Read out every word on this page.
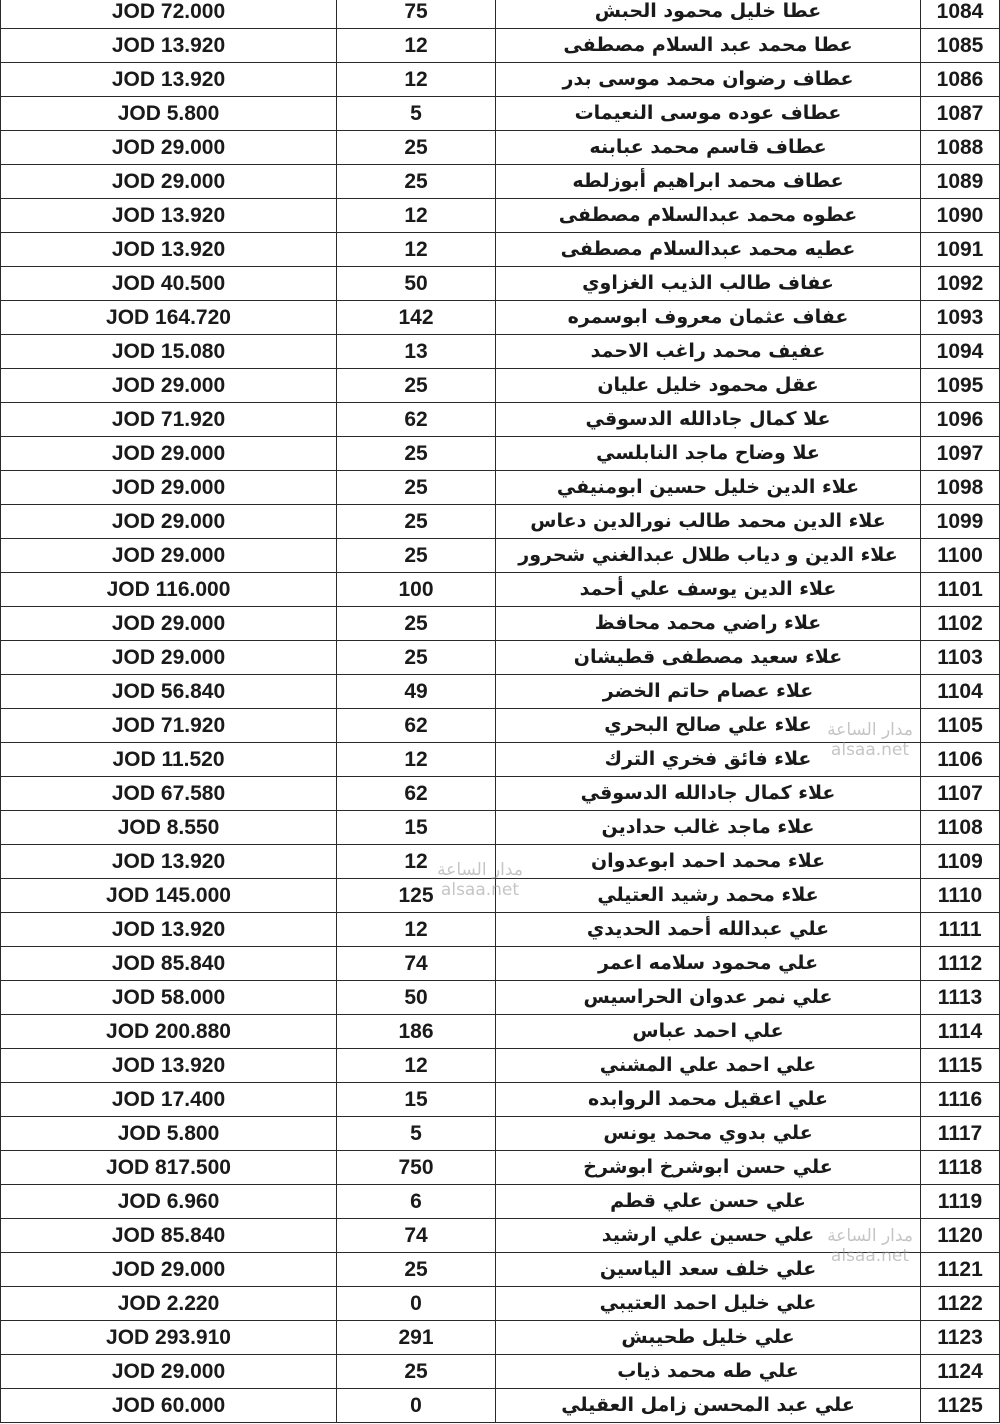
JOD 72.000	75	عطا خليل محمود الحبش	1084
JOD 13.920	12	عطا محمد عبد السلام مصطفى	1085
JOD 13.920	12	عطاف رضوان محمد موسى بدر	1086
JOD 5.800	5	عطاف عوده موسى النعيمات	1087
JOD 29.000	25	عطاف قاسم محمد عبابنه	1088
JOD 29.000	25	عطاف محمد ابراهيم أبوزلطه	1089
JOD 13.920	12	عطوه محمد عبدالسلام مصطفى	1090
JOD 13.920	12	عطيه محمد عبدالسلام مصطفى	1091
JOD 40.500	50	عفاف طالب الذيب الغزاوي	1092
JOD 164.720	142	عفاف عثمان معروف ابوسمره	1093
JOD 15.080	13	عفيف محمد راغب الاحمد	1094
JOD 29.000	25	عقل محمود خليل عليان	1095
JOD 71.920	62	علا كمال جادالله الدسوقي	1096
JOD 29.000	25	علا وضاح ماجد النابلسي	1097
JOD 29.000	25	علاء الدين خليل حسين ابومنيفي	1098
JOD 29.000	25	علاء الدين محمد طالب نورالدين دعاس	1099
JOD 29.000	25	علاء الدين و دياب طلال عبدالغني شحرور	1100
JOD 116.000	100	علاء الدين يوسف علي أحمد	1101
JOD 29.000	25	علاء راضي محمد محافظ	1102
JOD 29.000	25	علاء سعيد مصطفى قطيشان	1103
JOD 56.840	49	علاء عصام حاتم الخضر	1104
JOD 71.920	62	علاء علي صالح البحري	1105
JOD 11.520	12	علاء فائق فخري الترك	1106
JOD 67.580	62	علاء كمال جادالله الدسوقي	1107
JOD 8.550	15	علاء ماجد غالب حدادين	1108
JOD 13.920	12	علاء محمد احمد ابوعدوان	1109
JOD 145.000	125	علاء محمد رشيد العتيلي	1110
JOD 13.920	12	علي عبدالله أحمد الحديدي	1111
JOD 85.840	74	علي محمود سلامه اعمر	1112
JOD 58.000	50	علي نمر عدوان الحراسيس	1113
JOD 200.880	186	علي احمد عباس	1114
JOD 13.920	12	علي احمد علي المشني	1115
JOD 17.400	15	علي اعقيل محمد الروابده	1116
JOD 5.800	5	علي بدوي محمد يونس	1117
JOD 817.500	750	علي حسن ابوشرخ ابوشرخ	1118
JOD 6.960	6	علي حسن علي قطم	1119
JOD 85.840	74	علي حسين علي ارشيد	1120
JOD 29.000	25	علي خلف سعد الياسين	1121
JOD 2.220	0	علي خليل احمد العتيبي	1122
JOD 293.910	291	علي خليل طحيبش	1123
JOD 29.000	25	علي طه محمد ذياب	1124
JOD 60.000	0	علي عبد المحسن زامل العقيلي	1125
مدار الساعة
alsaa.net
مدار الساعة
alsaa.net
مدار الساعة
alsaa.net
